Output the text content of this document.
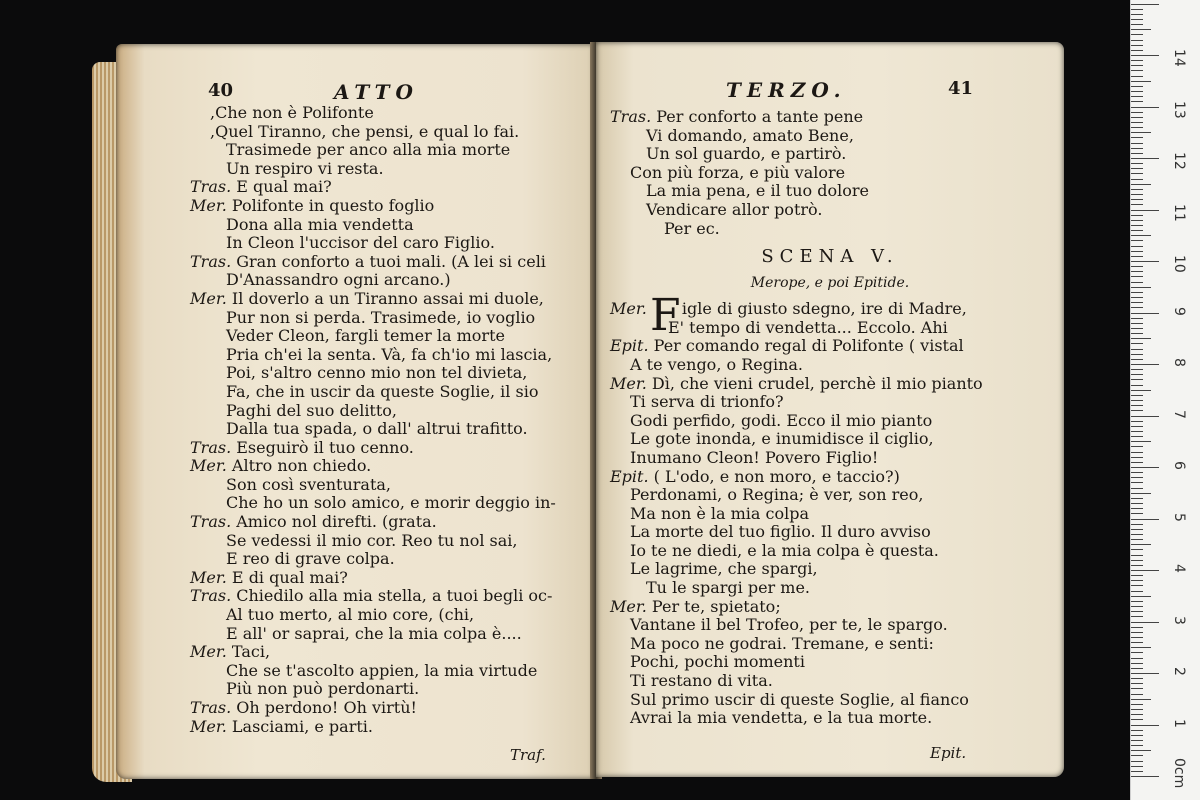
40	ATTO
,Che non è Polifonte
,Quel Tiranno, che pensi, e qual lo fai.
Trasimede per anco alla mia morte
Un respiro vi resta.
Tras. E qual mai?
Mer. Polifonte in questo foglio
Dona alla mia vendetta
In Cleon l'uccisor del caro Figlio.
Tras. Gran conforto a tuoi mali. (A lei si celi
D'Anassandro ogni arcano.)
Mer. Il doverlo a un Tiranno assai mi duole,
Pur non si perda. Trasimede, io voglio
Veder Cleon, fargli temer la morte
Pria ch'ei la senta. Và, fa ch'io mi lascia,
Poi, s'altro cenno mio non tel divieta,
Fa, che in uscir da queste Soglie, il sio
Paghi del suo delitto,
Dalla tua spada, o dall' altrui trafitto.
Tras. Eseguirò il tuo cenno.
Mer. Altro non chiedo.
Son così sventurata,
Che ho un solo amico, e morir deggio in-
Tras. Amico nol direfti. (grata.
Se vedessi il mio cor. Reo tu nol sai,
E reo di grave colpa.
Mer. E di qual mai?
Tras. Chiedilo alla mia stella, a tuoi begli oc-
Al tuo merto, al mio core, (chi,
E all' or saprai, che la mia colpa è....
Mer. Taci,
Che se t'ascolto appien, la mia virtude
Più non può perdonarti.
Tras. Oh perdono! Oh virtù!
Mer. Lasciami, e parti.
Traf.
TERZO.	41
Tras. Per conforto a tante pene
Vi domando, amato Bene,
Un sol guardo, e partirò.
Con più forza, e più valore
La mia pena, e il tuo dolore
Vendicare allor potrò.
Per ec.
SCENA V.
Merope, e poi Epitide.
F
Mer. igle di giusto sdegno, ire di Madre,
E' tempo di vendetta... Eccolo. Ahi
Epit. Per comando regal di Polifonte ( vistal
A te vengo, o Regina.
Mer. Dì, che vieni crudel, perchè il mio pianto
Ti serva di trionfo?
Godi perfido, godi. Ecco il mio pianto
Le gote inonda, e inumidisce il ciglio,
Inumano Cleon! Povero Figlio!
Epit. ( L'odo, e non moro, e taccio?)
Perdonami, o Regina; è ver, son reo,
Ma non è la mia colpa
La morte del tuo figlio. Il duro avviso
Io te ne diedi, e la mia colpa è questa.
Le lagrime, che spargi,
Tu le spargi per me.
Mer. Per te, spietato;
Vantane il bel Trofeo, per te, le spargo.
Ma poco ne godrai. Tremane, e senti:
Pochi, pochi momenti
Ti restano di vita.
Sul primo uscir di queste Soglie, al fianco
Avrai la mia vendetta, e la tua morte.
Epit.
0cm
1
2
3
4
5
6
7
8
9
10
11
12
13
14
